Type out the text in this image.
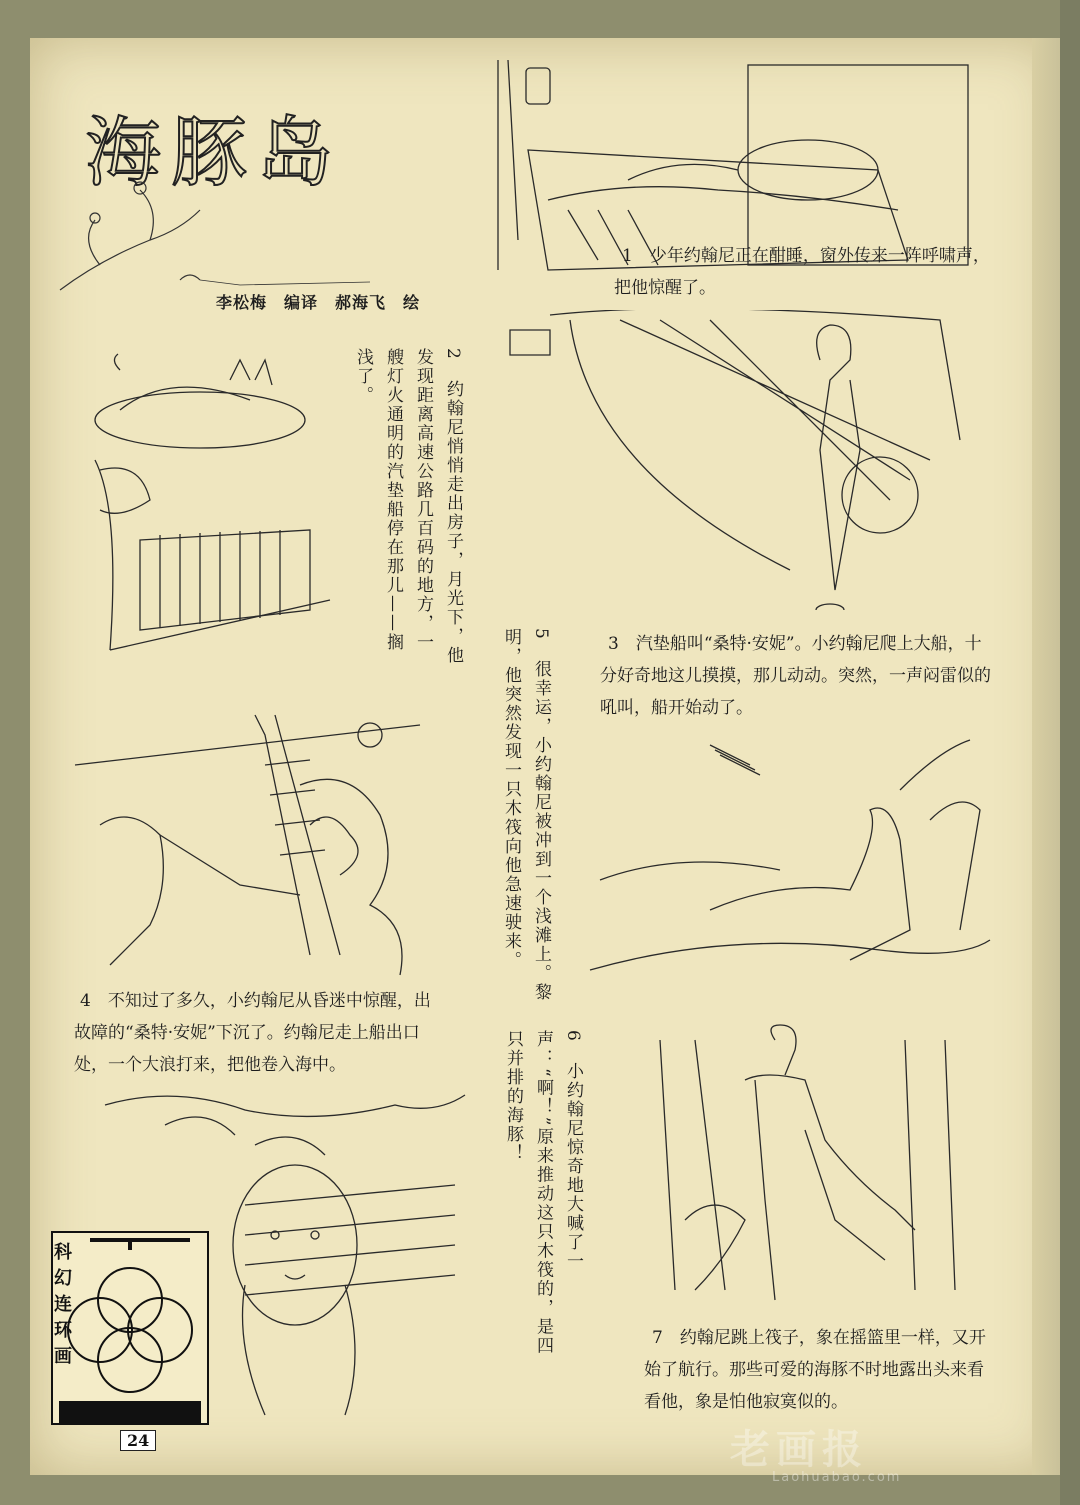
海豚岛
李松梅　编译　郝海飞　绘

1　少年约翰尼正在酣睡，窗外传来一阵呼啸声，把他惊醒了。

2　约翰尼悄悄走出房子，月光下，他发现距离高速公路几百码的地方，一艘灯火通明的汽垫船停在那儿——搁浅了。

3　汽垫船叫“桑特·安妮”。小约翰尼爬上大船，十分好奇地这儿摸摸，那儿动动。突然，一声闷雷似的吼叫，船开始动了。

4　不知过了多久，小约翰尼从昏迷中惊醒，出故障的“桑特·安妮”下沉了。约翰尼走上船出口处，一个大浪打来，把他卷入海中。

5　很幸运，小约翰尼被冲到一个浅滩上。黎明，他突然发现一只木筏向他急速驶来。

6　小约翰尼惊奇地大喊了一声：“啊！”原来推动这只木筏的，是四只并排的海豚！

7　约翰尼跳上筏子，象在摇篮里一样，又开始了航行。那些可爱的海豚不时地露出头来看看他，象是怕他寂寞似的。

科幻连环画
24	老画报
Laohuabao.com
